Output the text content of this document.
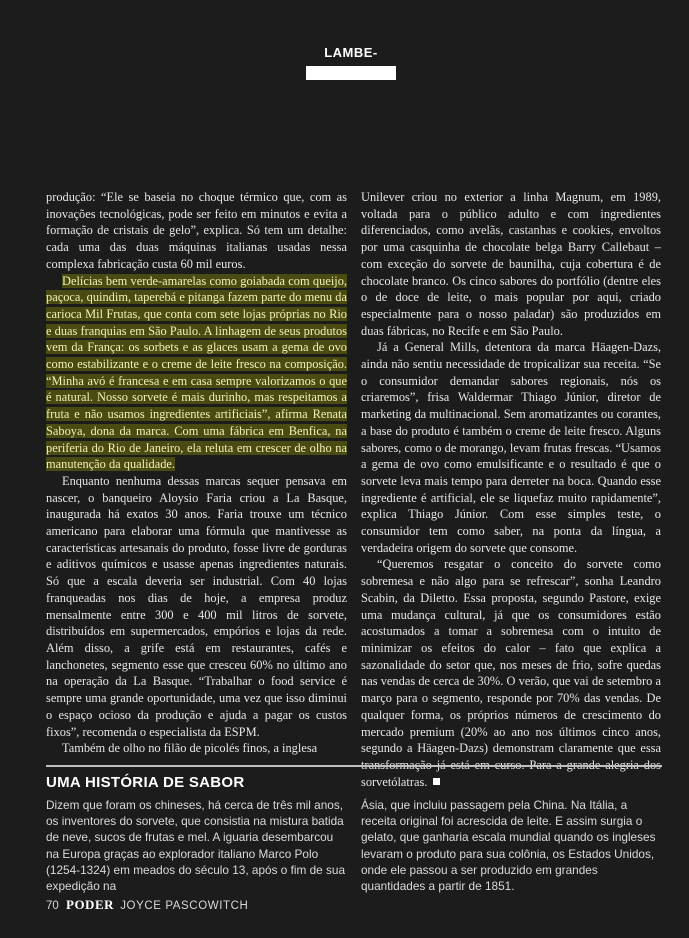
LAMBE-LAMBE

produção: “Ele se baseia no choque térmico que, com as inovações tecnológicas, pode ser feito em minutos e evita a formação de cristais de gelo”, explica. Só tem um detalhe: cada uma das duas máquinas italianas usadas nessa complexa fabricação custa 60 mil euros.

Delícias bem verde-amarelas como goiabada com queijo, paçoca, quindim, taperebá e pitanga fazem parte do menu da carioca Mil Frutas, que conta com sete lojas próprias no Rio e duas franquias em São Paulo. A linhagem de seus produtos vem da França: os sorbets e as glaces usam a gema de ovo como estabilizante e o creme de leite fresco na composição. “Minha avó é francesa e em casa sempre valorizamos o que é natural. Nosso sorvete é mais durinho, mas respeitamos a fruta e não usamos ingredientes artificiais”, afirma Renata Saboya, dona da marca. Com uma fábrica em Benfica, na periferia do Rio de Janeiro, ela reluta em crescer de olho na manutenção da qualidade.

Enquanto nenhuma dessas marcas sequer pensava em nascer, o banqueiro Aloysio Faria criou a La Basque, inaugurada há exatos 30 anos. Faria trouxe um técnico americano para elaborar uma fórmula que mantivesse as características artesanais do produto, fosse livre de gorduras e aditivos químicos e usasse apenas ingredientes naturais. Só que a escala deveria ser industrial. Com 40 lojas franqueadas nos dias de hoje, a empresa produz mensalmente entre 300 e 400 mil litros de sorvete, distribuídos em supermercados, empórios e lojas da rede. Além disso, a grife está em restaurantes, cafés e lanchonetes, segmento esse que cresceu 60% no último ano na operação da La Basque. “Trabalhar o food service é sempre uma grande oportunidade, uma vez que isso diminui o espaço ocioso da produção e ajuda a pagar os custos fixos”, recomenda o especialista da ESPM.

Também de olho no filão de picolés finos, a inglesa

Unilever criou no exterior a linha Magnum, em 1989, voltada para o público adulto e com ingredientes diferenciados, como avelãs, castanhas e cookies, envoltos por uma casquinha de chocolate belga Barry Callebaut – com exceção do sorvete de baunilha, cuja cobertura é de chocolate branco. Os cinco sabores do portfólio (dentre eles o de doce de leite, o mais popular por aqui, criado especialmente para o nosso paladar) são produzidos em duas fábricas, no Recife e em São Paulo.

Já a General Mills, detentora da marca Häagen-Dazs, ainda não sentiu necessidade de tropicalizar sua receita. “Se o consumidor demandar sabores regionais, nós os criaremos”, frisa Waldermar Thiago Júnior, diretor de marketing da multinacional. Sem aromatizantes ou corantes, a base do produto é também o creme de leite fresco. Alguns sabores, como o de morango, levam frutas frescas. “Usamos a gema de ovo como emulsificante e o resultado é que o sorvete leva mais tempo para derreter na boca. Quando esse ingrediente é artificial, ele se liquefaz muito rapidamente”, explica Thiago Júnior. Com esse simples teste, o consumidor tem como saber, na ponta da língua, a verdadeira origem do sorvete que consome.

“Queremos resgatar o conceito do sorvete como sobremesa e não algo para se refrescar”, sonha Leandro Scabin, da Diletto. Essa proposta, segundo Pastore, exige uma mudança cultural, já que os consumidores estão acostumados a tomar a sobremesa com o intuito de minimizar os efeitos do calor – fato que explica a sazonalidade do setor que, nos meses de frio, sofre quedas nas vendas de cerca de 30%. O verão, que vai de setembro a março para o segmento, responde por 70% das vendas. De qualquer forma, os próprios números de crescimento do mercado premium (20% ao ano nos últimos cinco anos, segundo a Häagen-Dazs) demonstram claramente que essa sorvetólatras.

UMA HISTÓRIA DE SABOR

Dizem que foram os chineses, há cerca de três mil anos, os inventores do sorvete, que consistia na mistura batida de neve, sucos de frutas e mel. A iguaria desembarcou na Europa graças ao explorador italiano Marco Polo (1254-1324) em meados do século 13, após o fim de sua expedição na

Ásia, que incluiu passagem pela China. Na Itália, a receita original foi acrescida de leite. E assim surgia o gelato, que ganharia escala mundial quando os ingleses levaram o produto para sua colônia, os Estados Unidos, onde ele passou a ser produzido em grandes quantidades a partir de 1851.

70 PODER JOYCE PASCOWITCH
